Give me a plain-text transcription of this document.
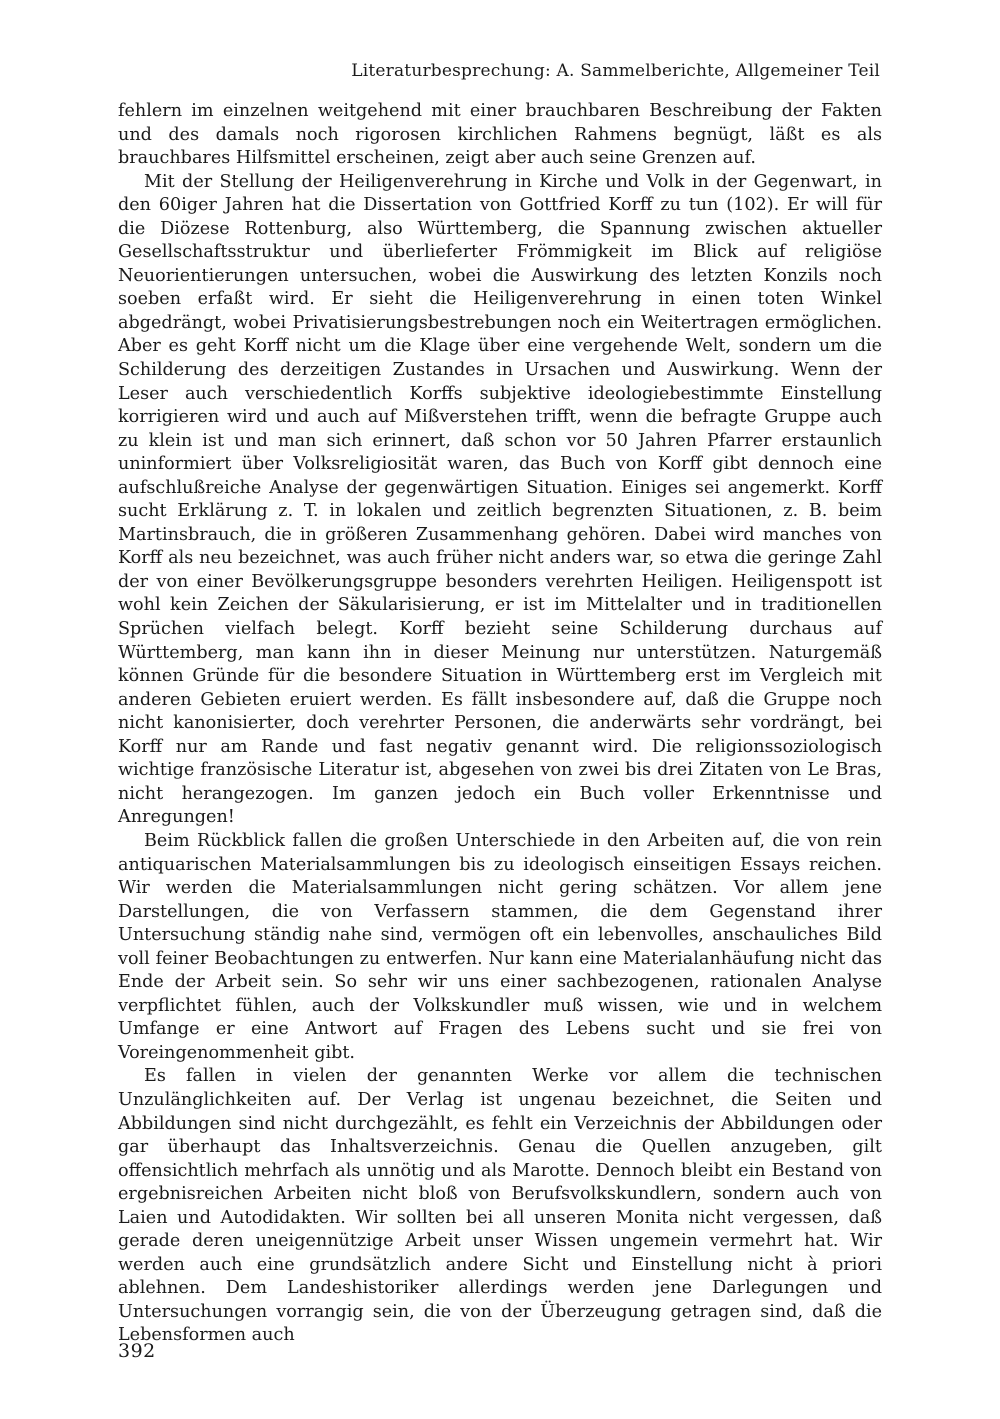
Literaturbesprechung: A. Sammelberichte, Allgemeiner Teil

fehlern im einzelnen weitgehend mit einer brauchbaren Beschreibung der Fakten und des damals noch rigorosen kirchlichen Rahmens begnügt, läßt es als brauchbares Hilfsmittel erscheinen, zeigt aber auch seine Grenzen auf.

Mit der Stellung der Heiligenverehrung in Kirche und Volk in der Gegenwart, in den 60iger Jahren hat die Dissertation von Gottfried Korff zu tun (102). Er will für die Diözese Rottenburg, also Württemberg, die Spannung zwischen aktueller Gesellschaftsstruktur und überlieferter Frömmigkeit im Blick auf religiöse Neuorientierungen untersuchen, wobei die Auswirkung des letzten Konzils noch soeben erfaßt wird. Er sieht die Heiligenverehrung in einen toten Winkel abgedrängt, wobei Privatisierungsbestrebungen noch ein Weitertragen ermöglichen. Aber es geht Korff nicht um die Klage über eine vergehende Welt, sondern um die Schilderung des derzeitigen Zustandes in Ursachen und Auswirkung. Wenn der Leser auch verschiedentlich Korffs subjektive ideologiebestimmte Einstellung korrigieren wird und auch auf Mißverstehen trifft, wenn die befragte Gruppe auch zu klein ist und man sich erinnert, daß schon vor 50 Jahren Pfarrer erstaunlich uninformiert über Volksreligiosität waren, das Buch von Korff gibt dennoch eine aufschlußreiche Analyse der gegenwärtigen Situation. Einiges sei angemerkt. Korff sucht Erklärung z. T. in lokalen und zeitlich begrenzten Situationen, z. B. beim Martinsbrauch, die in größeren Zusammenhang gehören. Dabei wird manches von Korff als neu bezeichnet, was auch früher nicht anders war, so etwa die geringe Zahl der von einer Bevölkerungsgruppe besonders verehrten Heiligen. Heiligenspott ist wohl kein Zeichen der Säkularisierung, er ist im Mittelalter und in traditionellen Sprüchen vielfach belegt. Korff bezieht seine Schilderung durchaus auf Württemberg, man kann ihn in dieser Meinung nur unterstützen. Naturgemäß können Gründe für die besondere Situation in Württemberg erst im Vergleich mit anderen Gebieten eruiert werden. Es fällt insbesondere auf, daß die Gruppe noch nicht kanonisierter, doch verehrter Personen, die anderwärts sehr vordrängt, bei Korff nur am Rande und fast negativ genannt wird. Die religionssoziologisch wichtige französische Literatur ist, abgesehen von zwei bis drei Zitaten von Le Bras, nicht herangezogen. Im ganzen jedoch ein Buch voller Erkenntnisse und Anregungen!

Beim Rückblick fallen die großen Unterschiede in den Arbeiten auf, die von rein antiquarischen Materialsammlungen bis zu ideologisch einseitigen Essays reichen. Wir werden die Materialsammlungen nicht gering schätzen. Vor allem jene Darstellungen, die von Verfassern stammen, die dem Gegenstand ihrer Untersuchung ständig nahe sind, vermögen oft ein lebenvolles, anschauliches Bild voll feiner Beobachtungen zu entwerfen. Nur kann eine Materialanhäufung nicht das Ende der Arbeit sein. So sehr wir uns einer sachbezogenen, rationalen Analyse verpflichtet fühlen, auch der Volkskundler muß wissen, wie und in welchem Umfange er eine Antwort auf Fragen des Lebens sucht und sie frei von Voreingenommenheit gibt.

Es fallen in vielen der genannten Werke vor allem die technischen Unzulänglichkeiten auf. Der Verlag ist ungenau bezeichnet, die Seiten und Abbildungen sind nicht durchgezählt, es fehlt ein Verzeichnis der Abbildungen oder gar überhaupt das Inhaltsverzeichnis. Genau die Quellen anzugeben, gilt offensichtlich mehrfach als unnötig und als Marotte. Dennoch bleibt ein Bestand von ergebnisreichen Arbeiten nicht bloß von Berufsvolkskundlern, sondern auch von Laien und Autodidakten. Wir sollten bei all unseren Monita nicht vergessen, daß gerade deren uneigennützige Arbeit unser Wissen ungemein vermehrt hat. Wir werden auch eine grundsätzlich andere Sicht und Einstellung nicht à priori ablehnen. Dem Landeshistoriker allerdings werden jene Darlegungen und Untersuchungen vorrangig sein, die von der Überzeugung getragen sind, daß die Lebensformen auch

392
